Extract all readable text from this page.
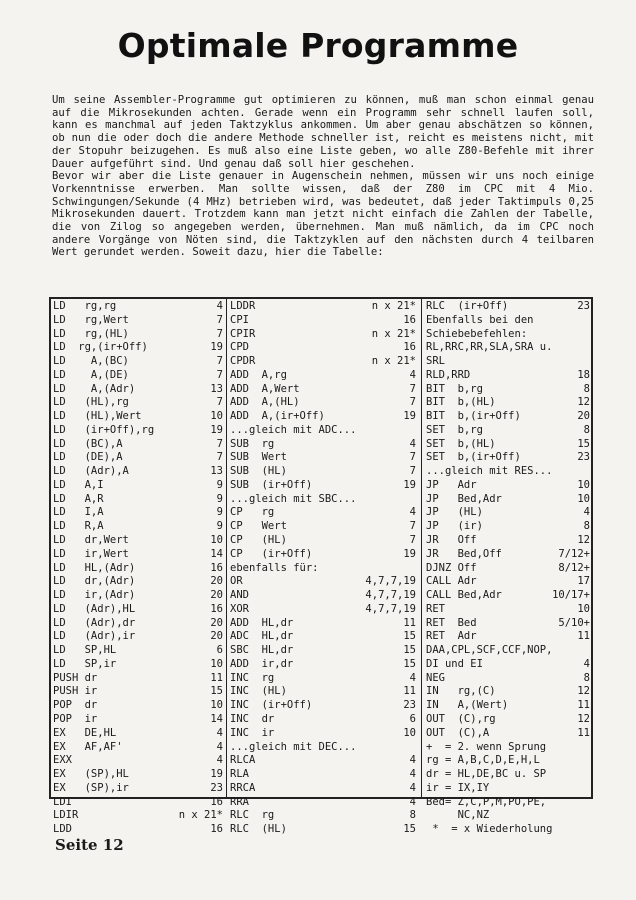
Optimale Programme

Um seine Assembler-Programme gut optimieren zu können, muß man schon einmal genau auf die Mikrosekunden achten. Gerade wenn ein Programm sehr schnell laufen soll, kann es manchmal auf jeden Taktzyklus ankommen. Um aber genau abschätzen so können, ob nun die oder doch die andere Methode schneller ist, reicht es meistens nicht, mit der Stopuhr beizugehen. Es muß also eine Liste geben, wo alle Z80-Befehle mit ihrer Dauer aufgeführt sind. Und genau daß soll hier geschehen.

Bevor wir aber die Liste genauer in Augenschein nehmen, müssen wir uns noch einige Vorkenntnisse erwerben. Man sollte wissen, daß der Z80 im CPC mit 4 Mio. Schwingungen/Sekunde (4 MHz) betrieben wird, was bedeutet, daß jeder Taktimpuls 0,25 Mikrosekunden dauert. Trotzdem kann man jetzt nicht einfach die Zahlen der Tabelle, die von Zilog so angegeben werden, übernehmen. Man muß nämlich, da im CPC noch andere Vorgänge von Nöten sind, die Taktzyklen auf den nächsten durch 4 teilbaren Wert gerundet werden. Soweit dazu, hier die Tabelle:

LD   rg,rg	4
LD   rg,Wert	7
LD   rg,(HL)	7
LD  rg,(ir+Off)	19
LD    A,(BC)	7
LD    A,(DE)	7
LD    A,(Adr)	13
LD   (HL),rg	7
LD   (HL),Wert	10
LD   (ir+Off),rg	19
LD   (BC),A	7
LD   (DE),A	7
LD   (Adr),A	13
LD   A,I	9
LD   A,R	9
LD   I,A	9
LD   R,A	9
LD   dr,Wert	10
LD   ir,Wert	14
LD   HL,(Adr)	16
LD   dr,(Adr)	20
LD   ir,(Adr)	20
LD   (Adr),HL	16
LD   (Adr),dr	20
LD   (Adr),ir	20
LD   SP,HL	6
LD   SP,ir	10
PUSH dr	11
PUSH ir	15
POP  dr	10
POP  ir	14
EX   DE,HL	4
EX   AF,AF'	4
EXX	4
EX   (SP),HL	19
EX   (SP),ir	23
LDI	16
LDIR	n x 21*
LDD	16
LDDR	n x 21*
CPI	16
CPIR	n x 21*
CPD	16
CPDR	n x 21*
ADD  A,rg	4
ADD  A,Wert	7
ADD  A,(HL)	7
ADD  A,(ir+Off)	19
...gleich mit ADC...
SUB  rg	4
SUB  Wert	7
SUB  (HL)	7
SUB  (ir+Off)	19
...gleich mit SBC...
CP   rg	4
CP   Wert	7
CP   (HL)	7
CP   (ir+Off)	19
ebenfalls für:
OR	4,7,7,19
AND	4,7,7,19
XOR	4,7,7,19
ADD  HL,dr	11
ADC  HL,dr	15
SBC  HL,dr	15
ADD  ir,dr	15
INC  rg	4
INC  (HL)	11
INC  (ir+Off)	23
INC  dr	6
INC  ir	10
...gleich mit DEC...
RLCA	4
RLA	4
RRCA	4
RRA	4
RLC  rg	8
RLC  (HL)	15
RLC  (ir+Off)	23
Ebenfalls bei den
Schiebebefehlen:
RL,RRC,RR,SLA,SRA u.
SRL
RLD,RRD	18
BIT  b,rg	8
BIT  b,(HL)	12
BIT  b,(ir+Off)	20
SET  b,rg	8
SET  b,(HL)	15
SET  b,(ir+Off)	23
...gleich mit RES...
JP   Adr	10
JP   Bed,Adr	10
JP   (HL)	4
JP   (ir)	8
JR   Off	12
JR   Bed,Off	7/12+
DJNZ Off	8/12+
CALL Adr	17
CALL Bed,Adr	10/17+
RET	10
RET  Bed	5/10+
RET  Adr	11
DAA,CPL,SCF,CCF,NOP,
DI und EI	4
NEG	8
IN   rg,(C)	12
IN   A,(Wert)	11
OUT  (C),rg	12
OUT  (C),A	11
+  = 2. wenn Sprung
rg = A,B,C,D,E,H,L
dr = HL,DE,BC u. SP
ir = IX,IY
Bed= Z,C,P,M,PO,PE,
NC,NZ
*  = x Wiederholung
Seite 12
